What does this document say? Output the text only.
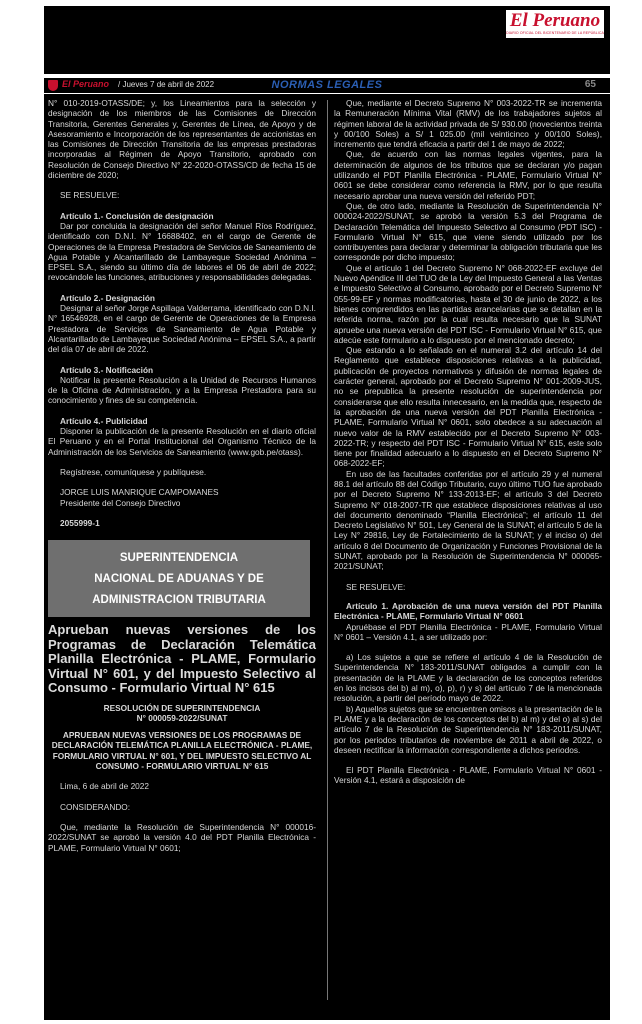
El Peruano
DIARIO OFICIAL DEL BICENTENARIO DE LA REPÚBLICA
El Peruano / Jueves 7 de abril de 2022	NORMAS LEGALES	65

N° 010-2019-OTASS/DE; y, los Lineamientos para la selección y designación de los miembros de las Comisiones de Dirección Transitoria, Gerentes Generales y, Gerentes de Línea, de Apoyo y de Asesoramiento e Incorporación de los representantes de accionistas en las Comisiones de Dirección Transitoria de las empresas prestadoras incorporadas al Régimen de Apoyo Transitorio, aprobado con Resolución de Consejo Directivo N° 22-2020-OTASS/CD de fecha 15 de diciembre de 2020;

SE RESUELVE:

Artículo 1.- Conclusión de designación

Dar por concluida la designación del señor Manuel Ríos Rodríguez, identificado con D.N.I. N° 16688402, en el cargo de Gerente de Operaciones de la Empresa Prestadora de Servicios de Saneamiento de Agua Potable y Alcantarillado de Lambayeque Sociedad Anónima – EPSEL S.A., siendo su último día de labores el 06 de abril de 2022; revocándole las funciones, atribuciones y responsabilidades delegadas.

Artículo 2.- Designación

Designar al señor Jorge Aspillaga Valderrama, identificado con D.N.I. N° 16546928, en el cargo de Gerente de Operaciones de la Empresa Prestadora de Servicios de Saneamiento de Agua Potable y Alcantarillado de Lambayeque Sociedad Anónima – EPSEL S.A., a partir del día 07 de abril de 2022.

Artículo 3.- Notificación

Notificar la presente Resolución a la Unidad de Recursos Humanos de la Oficina de Administración, y a la Empresa Prestadora para su conocimiento y fines de su competencia.

Artículo 4.- Publicidad

Disponer la publicación de la presente Resolución en el diario oficial El Peruano y en el Portal Institucional del Organismo Técnico de la Administración de los Servicios de Saneamiento (www.gob.pe/otass).

Regístrese, comuníquese y publíquese.

JORGE LUIS MANRIQUE CAMPOMANES

Presidente del Consejo Directivo

2055999-1

SUPERINTENDENCIA
NACIONAL DE ADUANAS Y DE
ADMINISTRACION TRIBUTARIA

Aprueban nuevas versiones de los Programas de Declaración Telemática Planilla Electrónica - PLAME, Formulario Virtual N° 601, y del Impuesto Selectivo al Consumo - Formulario Virtual N° 615

RESOLUCIÓN DE SUPERINTENDENCIA

N° 000059-2022/SUNAT

APRUEBAN NUEVAS VERSIONES DE LOS PROGRAMAS DE DECLARACIÓN TELEMÁTICA PLANILLA ELECTRÓNICA - PLAME, FORMULARIO VIRTUAL N° 601, Y DEL IMPUESTO SELECTIVO AL CONSUMO - FORMULARIO VIRTUAL N° 615

Lima, 6 de abril de 2022

CONSIDERANDO:

Que, mediante la Resolución de Superintendencia N° 000016-2022/SUNAT se aprobó la versión 4.0 del PDT Planilla Electrónica - PLAME, Formulario Virtual N° 0601;

Que, mediante el Decreto Supremo N° 003-2022-TR se incrementa la Remuneración Mínima Vital (RMV) de los trabajadores sujetos al régimen laboral de la actividad privada de S/ 930.00 (novecientos treinta y 00/100 Soles) a S/ 1 025.00 (mil veinticinco y 00/100 Soles), incremento que tendrá eficacia a partir del 1 de mayo de 2022;

Que, de acuerdo con las normas legales vigentes, para la determinación de algunos de los tributos que se declaran y/o pagan utilizando el PDT Planilla Electrónica - PLAME, Formulario Virtual N° 0601 se debe considerar como referencia la RMV, por lo que resulta necesario aprobar una nueva versión del referido PDT;

Que, de otro lado, mediante la Resolución de Superintendencia N° 000024-2022/SUNAT, se aprobó la versión 5.3 del Programa de Declaración Telemática del Impuesto Selectivo al Consumo (PDT ISC) - Formulario Virtual N° 615, que viene siendo utilizado por los contribuyentes para declarar y determinar la obligación tributaria que les corresponde por dicho impuesto;

Que el artículo 1 del Decreto Supremo N° 068-2022-EF excluye del Nuevo Apéndice III del TUO de la Ley del Impuesto General a las Ventas e Impuesto Selectivo al Consumo, aprobado por el Decreto Supremo N° 055-99-EF y normas modificatorias, hasta el 30 de junio de 2022, a los bienes comprendidos en las partidas arancelarias que se detallan en la referida norma, razón por la cual resulta necesario que la SUNAT apruebe una nueva versión del PDT ISC - Formulario Virtual N° 615, que adecúe este formulario a lo dispuesto por el mencionado decreto;

Que estando a lo señalado en el numeral 3.2 del artículo 14 del Reglamento que establece disposiciones relativas a la publicidad, publicación de proyectos normativos y difusión de normas legales de carácter general, aprobado por el Decreto Supremo N° 001-2009-JUS, no se prepublica la presente resolución de superintendencia por considerarse que ello resulta innecesario, en la medida que, respecto de la aprobación de una nueva versión del PDT Planilla Electrónica - PLAME, Formulario Virtual N° 0601, solo obedece a su adecuación al nuevo valor de la RMV establecido por el Decreto Supremo N° 003-2022-TR; y respecto del PDT ISC - Formulario Virtual N° 615, este solo tiene por finalidad adecuarlo a lo dispuesto en el Decreto Supremo N° 068-2022-EF;

En uso de las facultades conferidas por el artículo 29 y el numeral 88.1 del artículo 88 del Código Tributario, cuyo último TUO fue aprobado por el Decreto Supremo N° 133-2013-EF; el artículo 3 del Decreto Supremo N° 018-2007-TR que establece disposiciones relativas al uso del documento denominado “Planilla Electrónica”; el artículo 11 del Decreto Legislativo N° 501, Ley General de la SUNAT; el artículo 5 de la Ley N° 29816, Ley de Fortalecimiento de la SUNAT; y el inciso o) del artículo 8 del Documento de Organización y Funciones Provisional de la SUNAT, aprobado por la Resolución de Superintendencia N° 000065-2021/SUNAT;

SE RESUELVE:

Artículo 1. Aprobación de una nueva versión del PDT Planilla Electrónica - PLAME, Formulario Virtual N° 0601

Apruébase el PDT Planilla Electrónica - PLAME, Formulario Virtual N° 0601 – Versión 4.1, a ser utilizado por:

a) Los sujetos a que se refiere el artículo 4 de la Resolución de Superintendencia N° 183-2011/SUNAT obligados a cumplir con la presentación de la PLAME y la declaración de los conceptos referidos en los incisos del b) al m), o), p), r) y s) del artículo 7 de la mencionada resolución, a partir del período mayo de 2022.

b) Aquellos sujetos que se encuentren omisos a la presentación de la PLAME y a la declaración de los conceptos del b) al m) y del o) al s) del artículo 7 de la Resolución de Superintendencia N° 183-2011/SUNAT, por los periodos tributarios de noviembre de 2011 a abril de 2022, o deseen rectificar la información correspondiente a dichos periodos.

El PDT Planilla Electrónica - PLAME, Formulario Virtual N° 0601 - Versión 4.1, estará a disposición de
